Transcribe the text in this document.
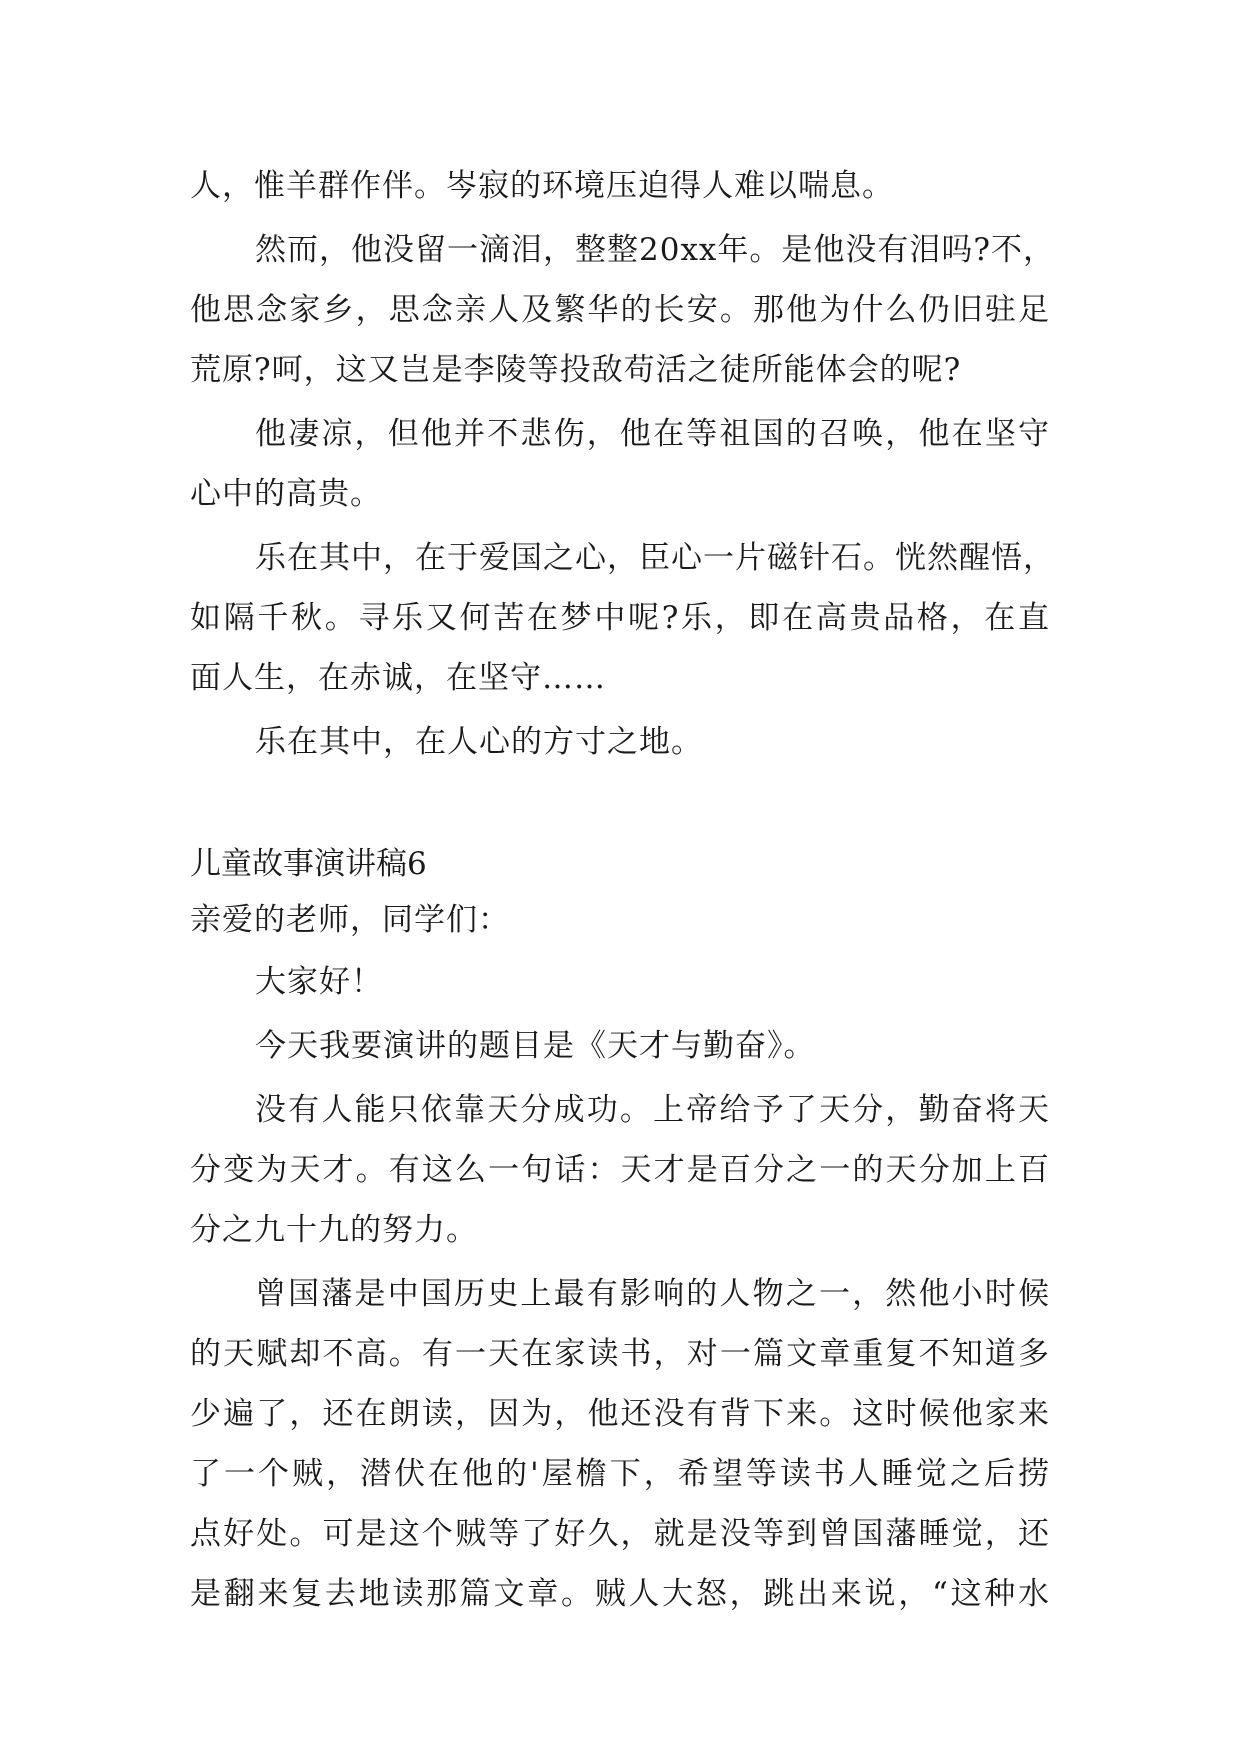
人，惟羊群作伴。岑寂的环境压迫得人难以喘息。
然而，他没留一滴泪，整整20xx年。是他没有泪吗?不，
他思念家乡，思念亲人及繁华的长安。那他为什么仍旧驻足
荒原?呵，这又岂是李陵等投敌苟活之徒所能体会的呢?
他凄凉，但他并不悲伤，他在等祖国的召唤，他在坚守
心中的高贵。
乐在其中，在于爱国之心，臣心一片磁针石。恍然醒悟，
如隔千秋。寻乐又何苦在梦中呢?乐，即在高贵品格，在直
面人生，在赤诚，在坚守……
乐在其中，在人心的方寸之地。
儿童故事演讲稿6
亲爱的老师，同学们：
大家好！
今天我要演讲的题目是《天才与勤奋》。
没有人能只依靠天分成功。上帝给予了天分，勤奋将天
分变为天才。有这么一句话：天才是百分之一的天分加上百
分之九十九的努力。
曾国藩是中国历史上最有影响的人物之一，然他小时候
的天赋却不高。有一天在家读书，对一篇文章重复不知道多
少遍了，还在朗读，因为，他还没有背下来。这时候他家来
了一个贼，潜伏在他的'屋檐下，希望等读书人睡觉之后捞
点好处。可是这个贼等了好久，就是没等到曾国藩睡觉，还
是翻来复去地读那篇文章。贼人大怒，跳出来说，“这种水
